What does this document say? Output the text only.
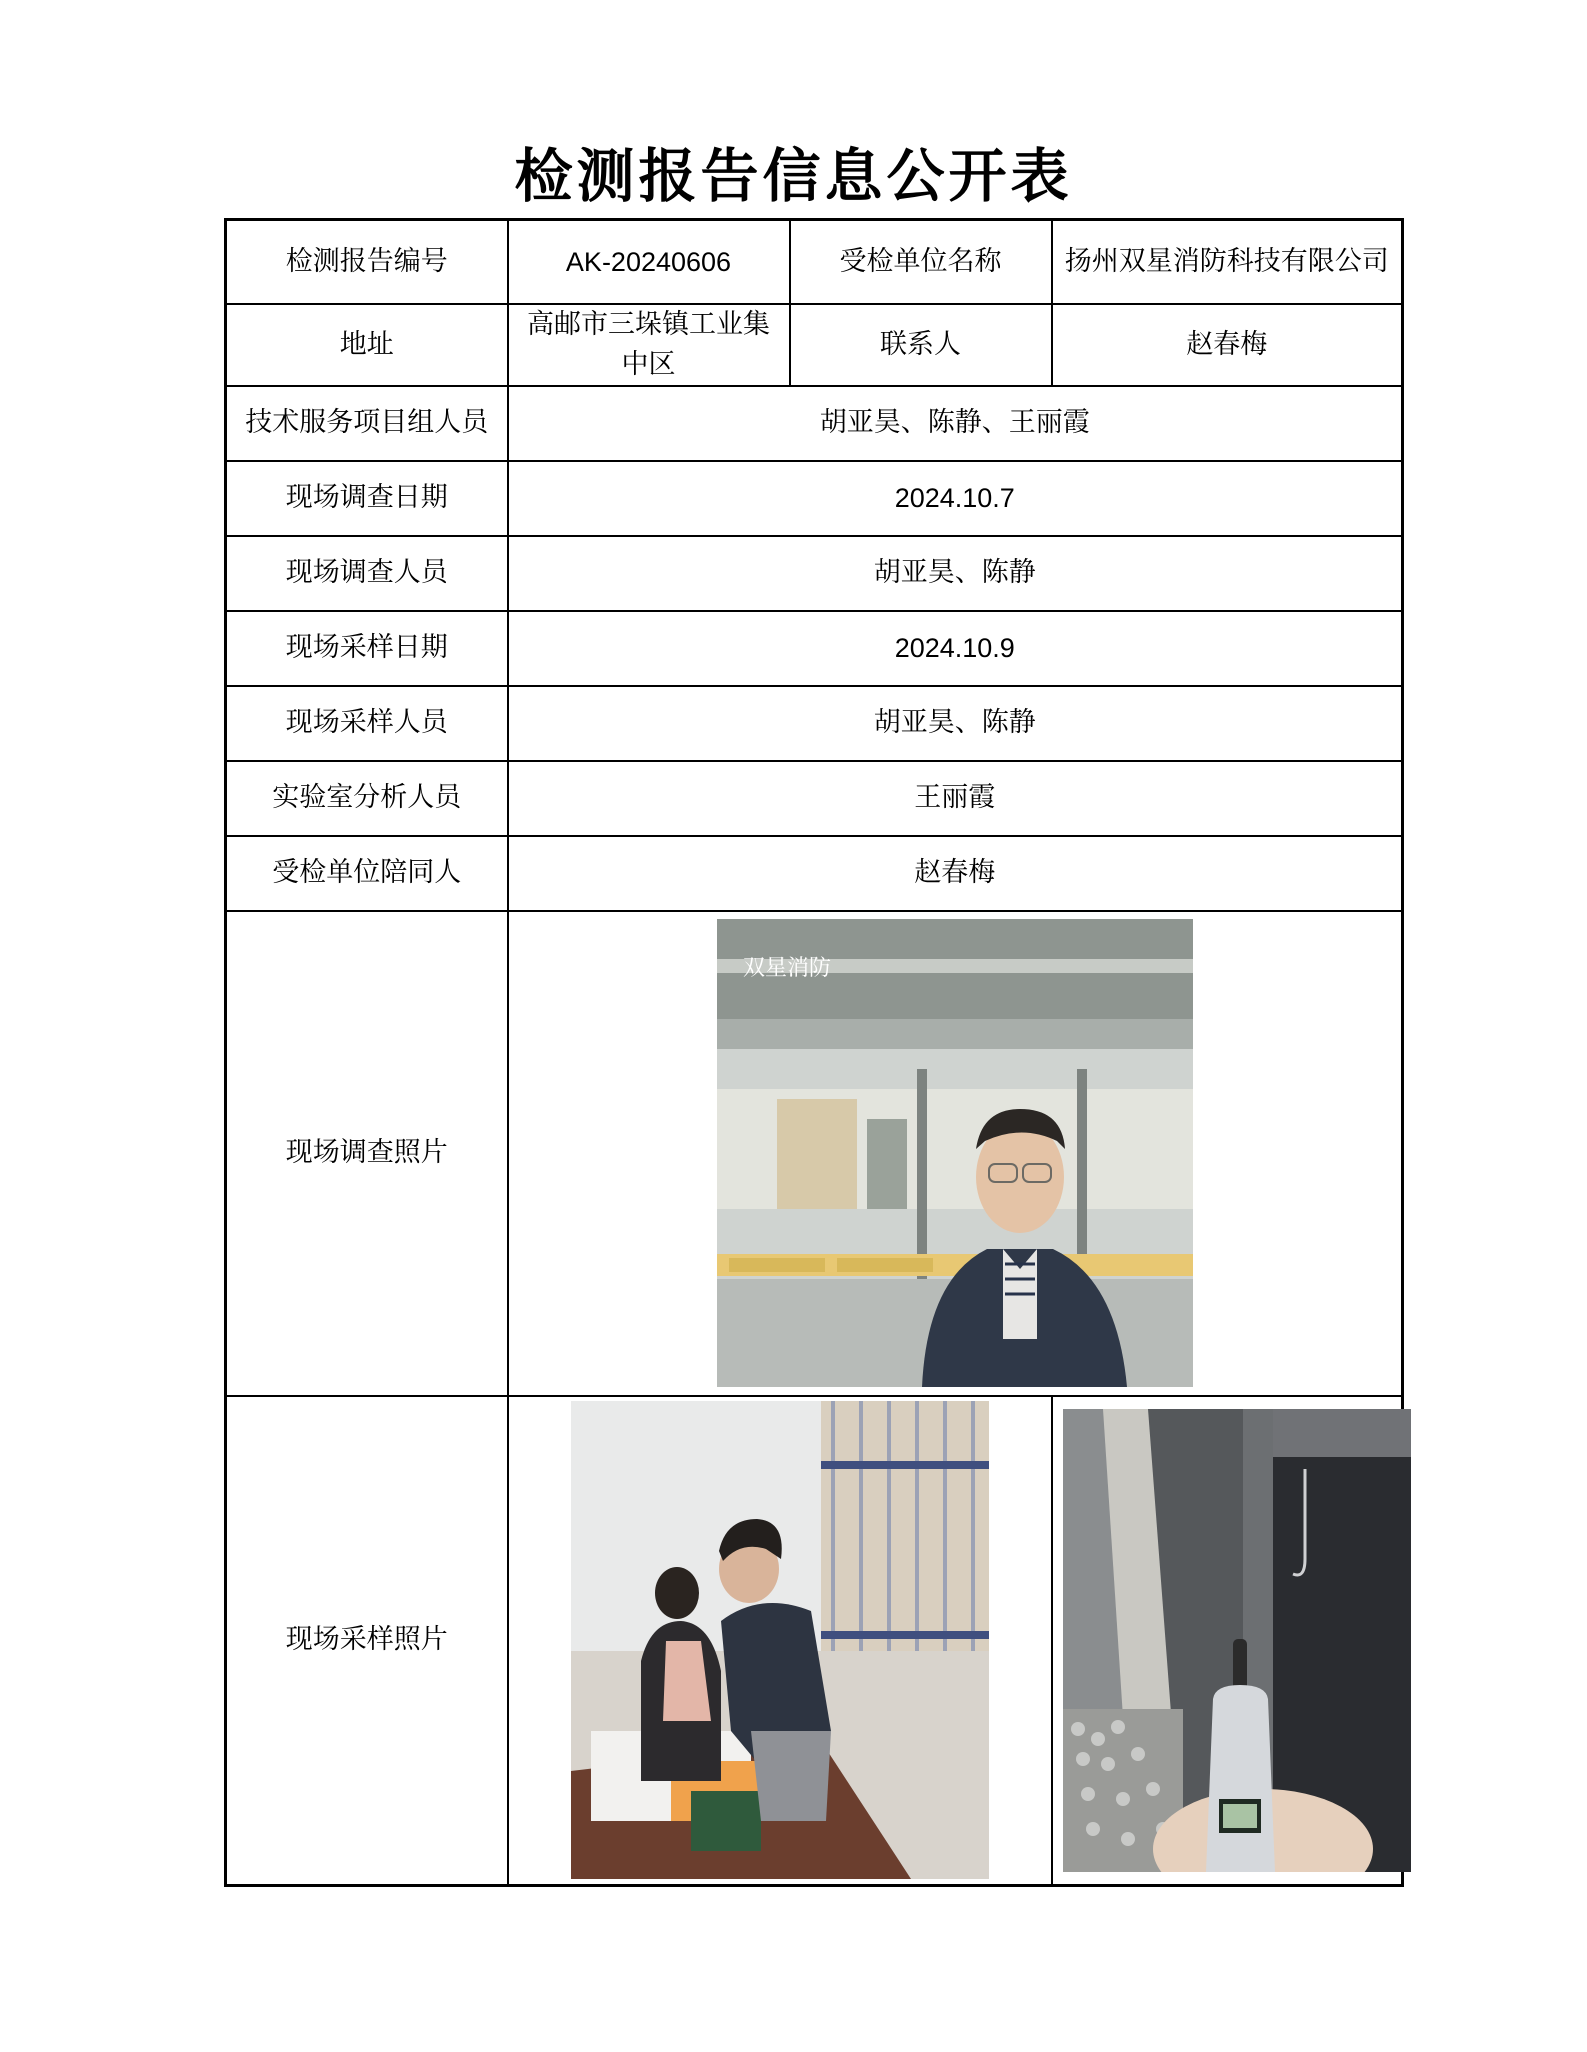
检测报告信息公开表
检测报告编号	AK-20240606	受检单位名称	扬州双星消防科技有限公司
地址	高邮市三垛镇工业集中区	联系人	赵春梅
技术服务项目组人员	胡亚昊、陈静、王丽霞		
现场调查日期	2024.10.7		
现场调查人员	胡亚昊、陈静		
现场采样日期	2024.10.9		
现场采样人员	胡亚昊、陈静		
实验室分析人员	王丽霞		
受检单位陪同人	赵春梅		
现场调查照片	双星消防		

现场采样照片	
